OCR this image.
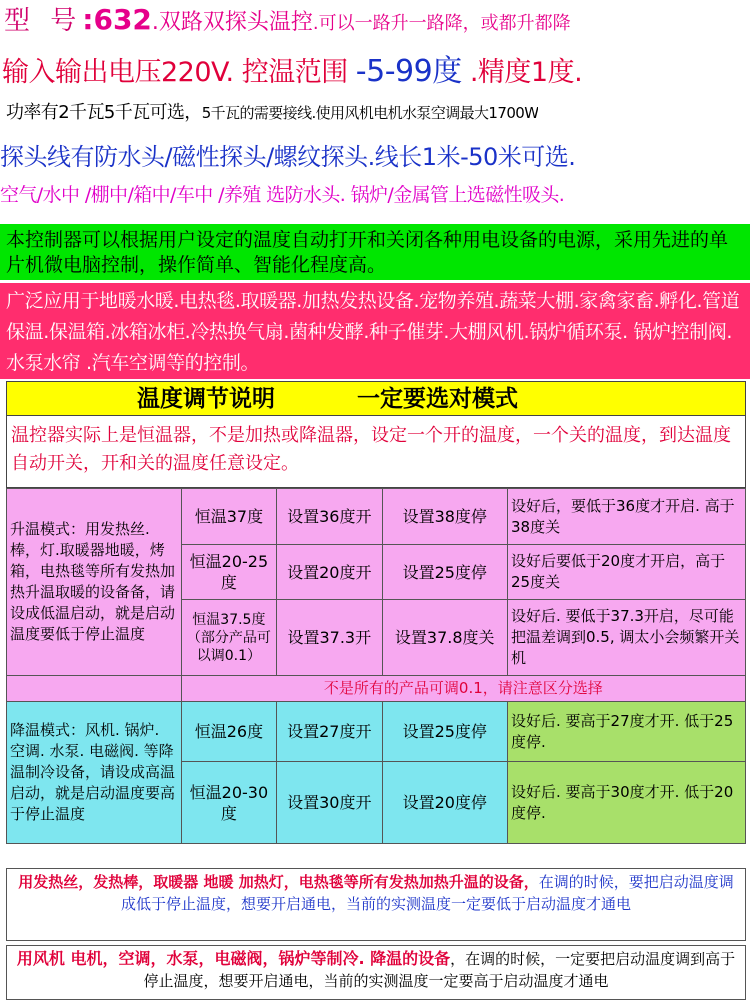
型 号:632.双路双探头温控.可以一路升一路降，或都升都降
输入输出电压220V. 控温范围 -5-99度 .精度1度.
功率有2千瓦5千瓦可选，5千瓦的需要接线.使用风机电机水泵空调最大1700W
探头线有防水头/磁性探头/螺纹探头.线长1米-50米可选.
空气/水中 /棚中/箱中/车中 /养殖 选防水头. 锅炉/金属管上选磁性吸头.
本控制器可以根据用户设定的温度自动打开和关闭各种用电设备的电源，采用先进的单片机微电脑控制，操作简单、智能化程度高。
广泛应用于地暖水暖.电热毯.取暖器.加热发热设备.宠物养殖.蔬菜大棚.家禽家畜.孵化.管道保温.保温箱.冰箱冰柜.冷热换气扇.菌种发酵.种子催芽.大棚风机.锅炉循环泵. 锅炉控制阀.水泵水帘 .汽车空调等的控制。
温度调节说明	一定要选对模式
温控器实际上是恒温器，不是加热或降温器，设定一个开的温度，一个关的温度，到达温度自动开关，开和关的温度任意设定。
升温模式：用发热丝.棒，灯.取暖器地暖，烤箱，电热毯等所有发热加热升温取暖的设备备，请设成低温启动，就是启动温度要低于停止温度	恒温37度	设置36度开	设置38度停	设好后，要低于36度才开启. 高于38度关
	恒温20-25度	设置20度开	设置25度停	设好后要低于20度才开启，高于25度关
	恒温37.5度（部分产品可以调0.1）	设置37.3开	设置37.8度关	设好后. 要低于37.3开启，尽可能把温差调到0.5, 调太小会频繁开关机
	不是所有的产品可调0.1，请注意区分选择			
降温模式：风机. 锅炉. 空调. 水泵. 电磁阀. 等降温制冷设备，请设成高温启动，就是启动温度要高于停止温度	恒温26度	设置27度开	设置25度停	设好后. 要高于27度才开. 低于25度停.
	恒温20-30度	设置30度开	设置20度停	设好后. 要高于30度才开. 低于20度停.
用发热丝，发热棒，取暖器 地暖 加热灯，电热毯等所有发热加热升温的设备，在调的时候，要把启动温度调成低于停止温度，想要开启通电，当前的实测温度一定要低于启动温度才通电
用风机 电机，空调，水泵，电磁阀，锅炉等制冷. 降温的设备，在调的时候，一定要把启动温度调到高于停止温度，想要开启通电，当前的实测温度一定要高于启动温度才通电
